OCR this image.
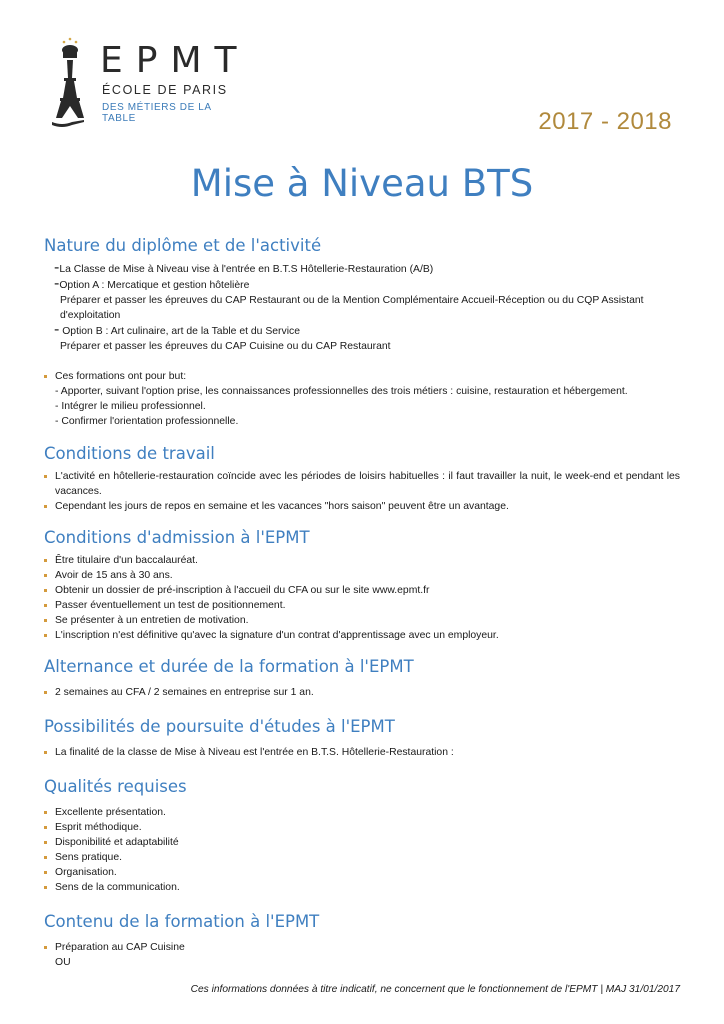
EPMT
ÉCOLE DE PARIS
DES MÉTIERS DE LA TABLE	2017 - 2018
Mise à Niveau BTS
Nature du diplôme et de l'activité
-La Classe de Mise à Niveau vise à l'entrée en B.T.S Hôtellerie-Restauration (A/B)
-Option A : Mercatique et gestion hôtelière
Préparer et passer les épreuves du CAP Restaurant ou de la Mention Complémentaire Accueil-Réception ou du CQP Assistant
d'exploitation
- Option B : Art culinaire, art de la Table et du Service
Préparer et passer les épreuves du CAP Cuisine ou du CAP Restaurant
Ces formations ont pour but:
- Apporter, suivant l'option prise, les connaissances professionnelles des trois métiers : cuisine, restauration et hébergement.
- Intégrer le milieu professionnel.
- Confirmer l'orientation professionnelle.
Conditions de travail
L'activité en hôtellerie-restauration coïncide avec les périodes de loisirs habituelles : il faut travailler la nuit, le week-end et pendant les vacances.
Cependant les jours de repos en semaine et les vacances "hors saison" peuvent être un avantage.
Conditions d'admission à l'EPMT
Être titulaire d'un baccalauréat.
Avoir de 15 ans à 30 ans.
Obtenir un dossier de pré-inscription à l'accueil du CFA ou sur le site www.epmt.fr
Passer éventuellement un test de positionnement.
Se présenter à un entretien de motivation.
L'inscription n'est définitive qu'avec la signature d'un contrat d'apprentissage avec un employeur.
Alternance et durée de la formation à l'EPMT
2 semaines au CFA / 2 semaines en entreprise sur 1 an.
Possibilités de poursuite d'études à l'EPMT
La finalité de la classe de Mise à Niveau est l'entrée en B.T.S. Hôtellerie-Restauration :
Qualités requises
Excellente présentation.
Esprit méthodique.
Disponibilité et adaptabilité
Sens pratique.
Organisation.
Sens de la communication.
Contenu de la formation à l'EPMT
Préparation au CAP Cuisine
OU
Ces informations données à titre indicatif, ne concernent que le fonctionnement de l'EPMT | MAJ 31/01/2017
